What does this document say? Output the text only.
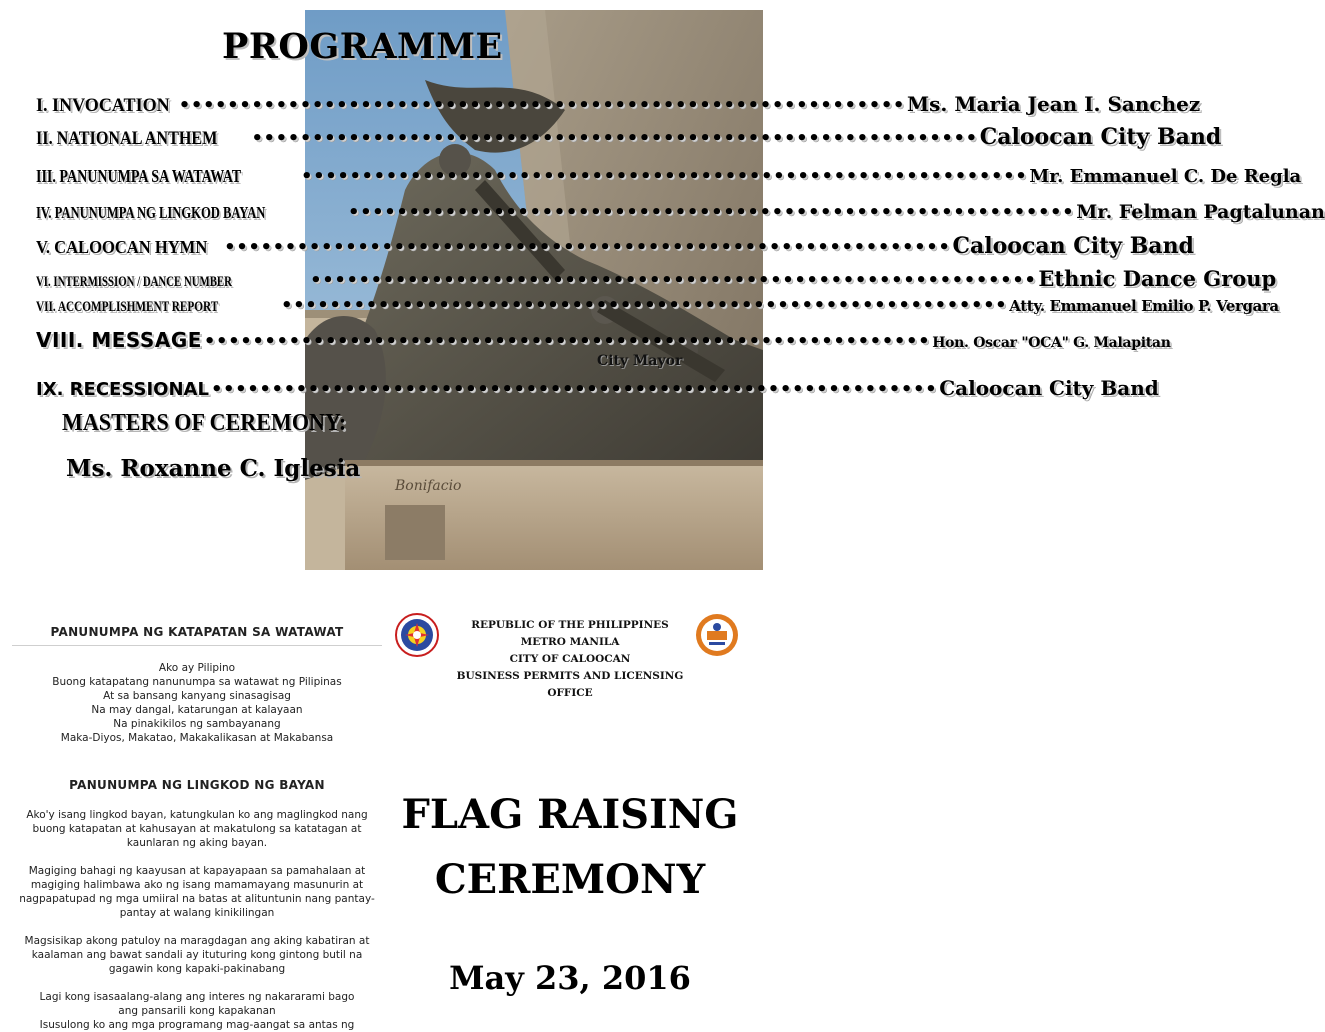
Bonifacio
PROGRAMME
I. INVOCATION •••••••••••••••••••••••••••••••••••••••••••••••••••••••••••• Ms. Maria Jean I. Sanchez
II. NATIONAL ANTHEM •••••••••••••••••••••••••••••••••••••••••••••••••••••••••••• Caloocan City Band
III. PANUNUMPA SA WATAWAT	•••••••••••••••••••••••••••••••••••••••••••••••••••••••••••• Mr. Emmanuel C. De Regla
IV. PANUNUMPA NG LINGKOD BAYAN	•••••••••••••••••••••••••••••••••••••••••••••••••••••••••••• Mr. Felman Pagtalunan
V. CALOOCAN HYMN •••••••••••••••••••••••••••••••••••••••••••••••••••••••••••• Caloocan City Band
VI. INTERMISSION / DANCE NUMBER	•••••••••••••••••••••••••••••••••••••••••••••••••••••••••••• Ethnic Dance Group
VII. ACCOMPLISHMENT REPORT	•••••••••••••••••••••••••••••••••••••••••••••••••••••••••••• Atty. Emmanuel Emilio P. Vergara
VIII. MESSAGE •••••••••••••••••••••••••••••••••••••••••••••••••••••••••••• Hon. Oscar "OCA" G. Malapitan
City Mayor
IX. RECESSIONAL •••••••••••••••••••••••••••••••••••••••••••••••••••••••••••• Caloocan City Band
MASTERS OF CEREMONY:
Ms. Roxanne C. Iglesia
PANUNUMPA NG KATAPATAN SA WATAWAT
Ako ay Pilipino
Buong katapatang nanunumpa sa watawat ng Pilipinas
At sa bansang kanyang sinasagisag
Na may dangal, katarungan at kalayaan
Na pinakikilos ng sambayanang
Maka-Diyos, Makatao, Makakalikasan at Makabansa
PANUNUMPA NG LINGKOD NG BAYAN
Ako'y isang lingkod bayan, katungkulan ko ang maglingkod nang buong katapatan at kahusayan at makatulong sa katatagan at kaunlaran ng aking bayan.
Magiging bahagi ng kaayusan at kapayapaan sa pamahalaan at magiging halimbawa ako ng isang mamamayang masunurin at nagpapatupad ng mga umiiral na batas at alituntunin nang pantay-pantay at walang kinikilingan
Magsisikap akong patuloy na maragdagan ang aking kabatiran at kaalaman ang bawat sandali ay ituturing kong gintong butil na gagawin kong kapaki-pakinabang
Lagi kong isasaalang-alang ang interes ng nakararami bago ang pansarili kong kapakanan
Isusulong ko ang mga programang mag-aangat sa antas ng
REPUBLIC OF THE PHILIPPINES
METRO MANILA
CITY OF CALOOCAN
BUSINESS PERMITS AND LICENSING OFFICE
FLAG RAISING
CEREMONY
May 23, 2016
